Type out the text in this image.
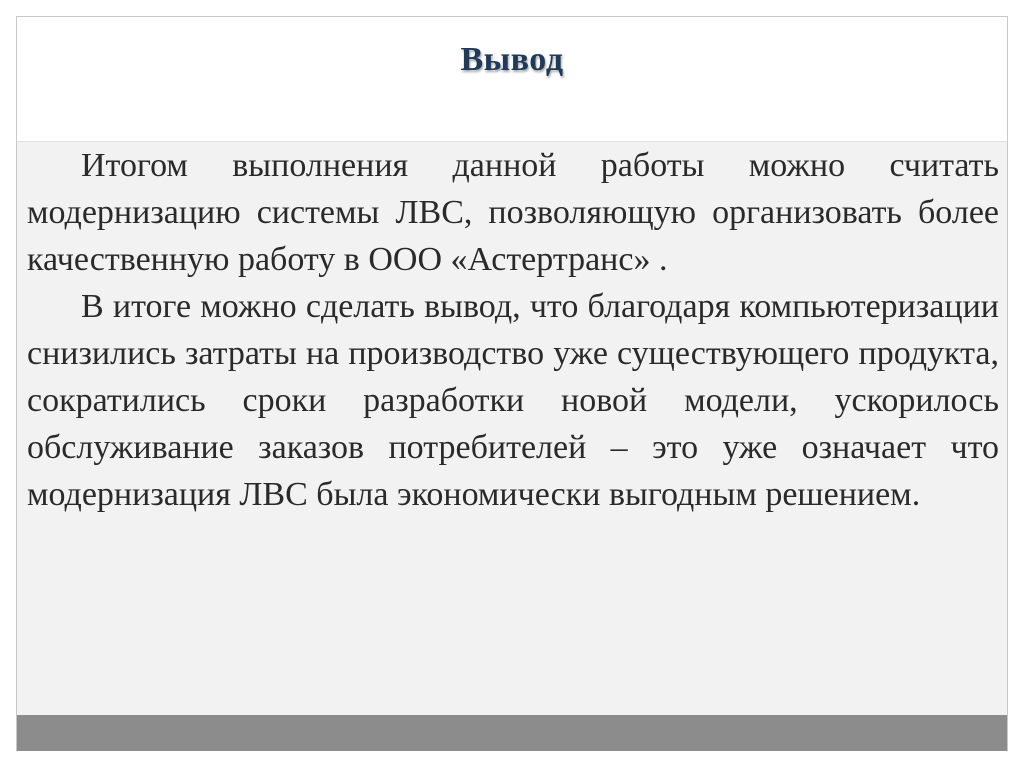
Вывод

Итогом выполнения данной работы можно считать модернизацию системы ЛВС, позволяющую организовать более качественную работу в ООО «Астертранс» .

В итоге можно сделать вывод, что благодаря компьютеризации снизились затраты на производство уже существующего продукта, сократились сроки разработки новой модели, ускорилось обслуживание заказов потребителей – это уже означает что модернизация ЛВС была экономически выгодным решением.
